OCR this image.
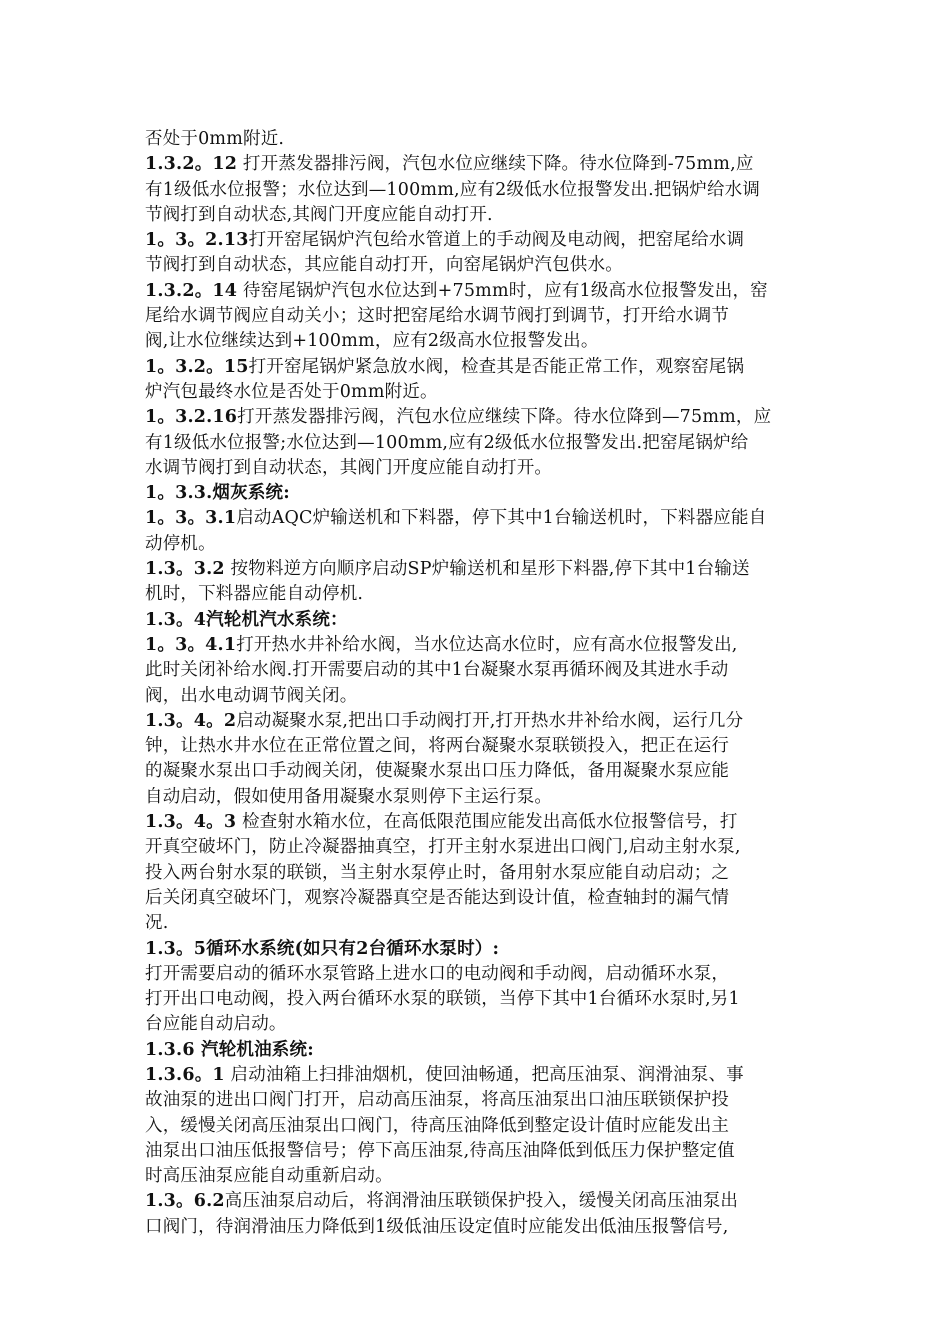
否处于0mm附近.
1.3.2。12 打开蒸发器排污阀，汽包水位应继续下降。待水位降到-75mm,应
有1级低水位报警；水位达到—100mm,应有2级低水位报警发出.把锅炉给水调
节阀打到自动状态,其阀门开度应能自动打开.
1。3。2.13打开窑尾锅炉汽包给水管道上的手动阀及电动阀，把窑尾给水调
节阀打到自动状态，其应能自动打开，向窑尾锅炉汽包供水。
1.3.2。14 待窑尾锅炉汽包水位达到+75mm时，应有1级高水位报警发出，窑
尾给水调节阀应自动关小；这时把窑尾给水调节阀打到调节，打开给水调节
阀,让水位继续达到+100mm，应有2级高水位报警发出。
1。3.2。15打开窑尾锅炉紧急放水阀，检查其是否能正常工作，观察窑尾锅
炉汽包最终水位是否处于0mm附近。
1。3.2.16打开蒸发器排污阀，汽包水位应继续下降。待水位降到—75mm，应
有1级低水位报警;水位达到—100mm,应有2级低水位报警发出.把窑尾锅炉给
水调节阀打到自动状态，其阀门开度应能自动打开。
1。3.3.烟灰系统:
1。3。3.1启动AQC炉输送机和下料器，停下其中1台输送机时，下料器应能自
动停机。
1.3。3.2 按物料逆方向顺序启动SP炉输送机和星形下料器,停下其中1台输送
机时，下料器应能自动停机.
1.3。4汽轮机汽水系统：
1。3。4.1打开热水井补给水阀，当水位达高水位时，应有高水位报警发出,
此时关闭补给水阀.打开需要启动的其中1台凝聚水泵再循环阀及其进水手动
阀，出水电动调节阀关闭。
1.3。4。2启动凝聚水泵,把出口手动阀打开,打开热水井补给水阀，运行几分
钟，让热水井水位在正常位置之间，将两台凝聚水泵联锁投入，把正在运行
的凝聚水泵出口手动阀关闭，使凝聚水泵出口压力降低，备用凝聚水泵应能
自动启动，假如使用备用凝聚水泵则停下主运行泵。
1.3。4。3 检查射水箱水位，在高低限范围应能发出高低水位报警信号，打
开真空破坏门，防止冷凝器抽真空，打开主射水泵进出口阀门,启动主射水泵,
投入两台射水泵的联锁，当主射水泵停止时，备用射水泵应能自动启动；之
后关闭真空破坏门，观察冷凝器真空是否能达到设计值，检查轴封的漏气情
况.
1.3。5循环水系统(如只有2台循环水泵时）:
打开需要启动的循环水泵管路上进水口的电动阀和手动阀，启动循环水泵，
打开出口电动阀，投入两台循环水泵的联锁，当停下其中1台循环水泵时,另1
台应能自动启动。
1.3.6 汽轮机油系统:
1.3.6。1 启动油箱上扫排油烟机，使回油畅通，把高压油泵、润滑油泵、事
故油泵的进出口阀门打开，启动高压油泵，将高压油泵出口油压联锁保护投
入，缓慢关闭高压油泵出口阀门，待高压油降低到整定设计值时应能发出主
油泵出口油压低报警信号；停下高压油泵,待高压油降低到低压力保护整定值
时高压油泵应能自动重新启动。
1.3。6.2高压油泵启动后，将润滑油压联锁保护投入，缓慢关闭高压油泵出
口阀门，待润滑油压力降低到1级低油压设定值时应能发出低油压报警信号,
